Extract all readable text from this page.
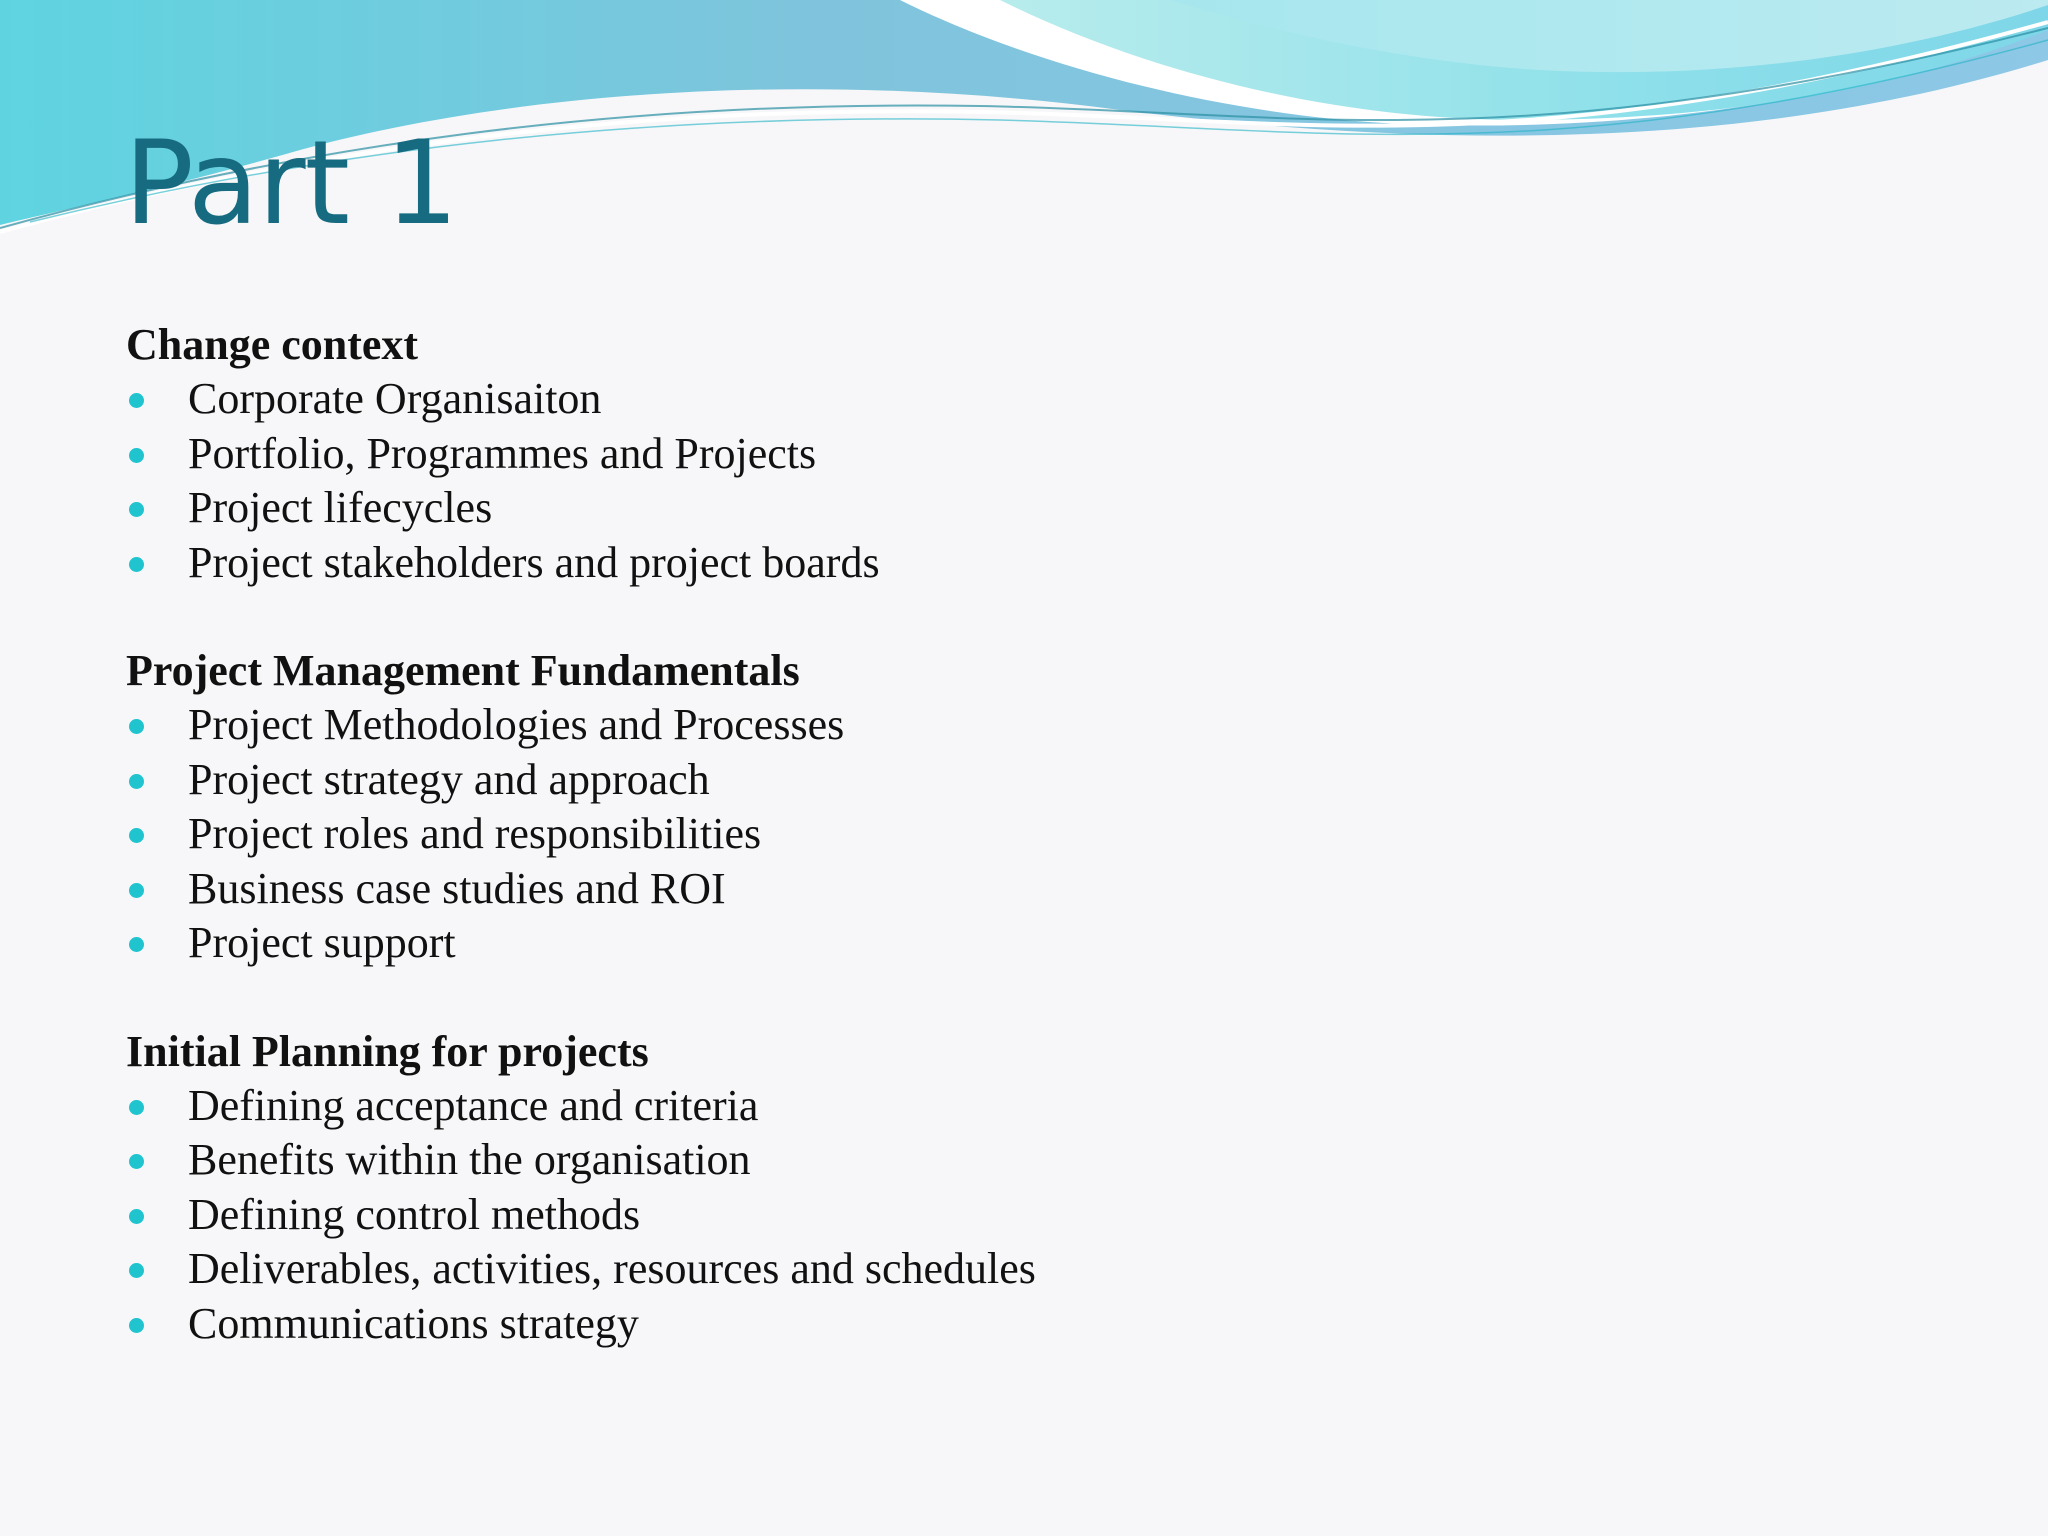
Part 1
Change context
Corporate Organisaiton
Portfolio, Programmes and Projects
Project lifecycles
Project stakeholders and project boards
Project Management Fundamentals
Project Methodologies and Processes
Project strategy and approach
Project roles and responsibilities
Business case studies and ROI
Project support
Initial Planning for projects
Defining acceptance and criteria
Benefits within the organisation
Defining control methods
Deliverables, activities, resources and schedules
Communications strategy
